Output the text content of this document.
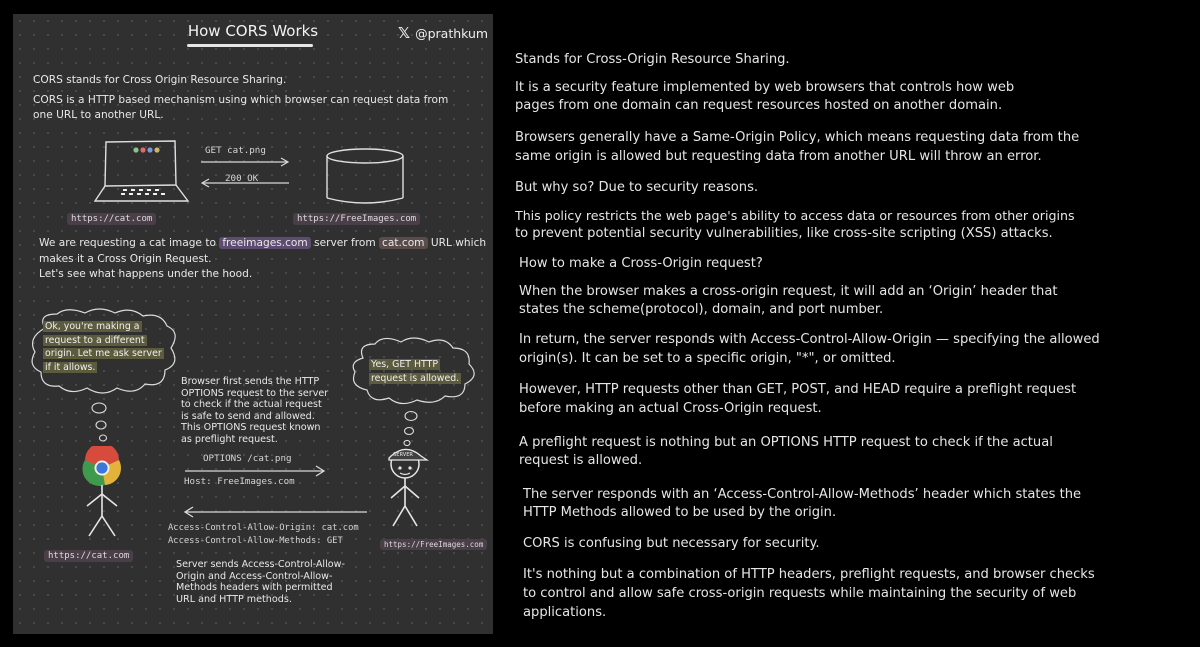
How CORS Works	𝕏 @prathkum
CORS stands for Cross Origin Resource Sharing.
CORS is a HTTP based mechanism using which browser can request data from
one URL to another URL.
GET cat.png
200 OK
https://cat.com	https://FreeImages.com
We are requesting a cat image to freeimages.com server from cat.com URL which
makes it a Cross Origin Request.
Let's see what happens under the hood.
Ok, you're making a
request to a different
origin. Let me ask server
if it allows.
https://cat.com
Browser first sends the HTTP
OPTIONS request to the server
to check if the actual request
is safe to send and allowed.
This OPTIONS request known
as preflight request.
Yes, GET HTTP
request is allowed.
SERVER
https://FreeImages.com
OPTIONS /cat.png
Host: FreeImages.com
Access-Control-Allow-Origin: cat.com
Access-Control-Allow-Methods: GET
Server sends Access-Control-Allow-
Origin and Access-Control-Allow-
Methods headers with permitted
URL and HTTP methods.
Stands for Cross-Origin Resource Sharing.
It is a security feature implemented by web browsers that controls how web
pages from one domain can request resources hosted on another domain.
Browsers generally have a Same-Origin Policy, which means requesting data from the
same origin is allowed but requesting data from another URL will throw an error.
But why so? Due to security reasons.
This policy restricts the web page's ability to access data or resources from other origins
to prevent potential security vulnerabilities, like cross-site scripting (XSS) attacks.
How to make a Cross-Origin request?
When the browser makes a cross-origin request, it will add an ‘Origin’ header that
states the scheme(protocol), domain, and port number.
In return, the server responds with Access-Control-Allow-Origin — specifying the allowed
origin(s). It can be set to a specific origin, "*", or omitted.
However, HTTP requests other than GET, POST, and HEAD require a preflight request
before making an actual Cross-Origin request.
A preflight request is nothing but an OPTIONS HTTP request to check if the actual
request is allowed.
The server responds with an ‘Access-Control-Allow-Methods’ header which states the
HTTP Methods allowed to be used by the origin.
CORS is confusing but necessary for security.
It's nothing but a combination of HTTP headers, preflight requests, and browser checks
to control and allow safe cross-origin requests while maintaining the security of web
applications.
